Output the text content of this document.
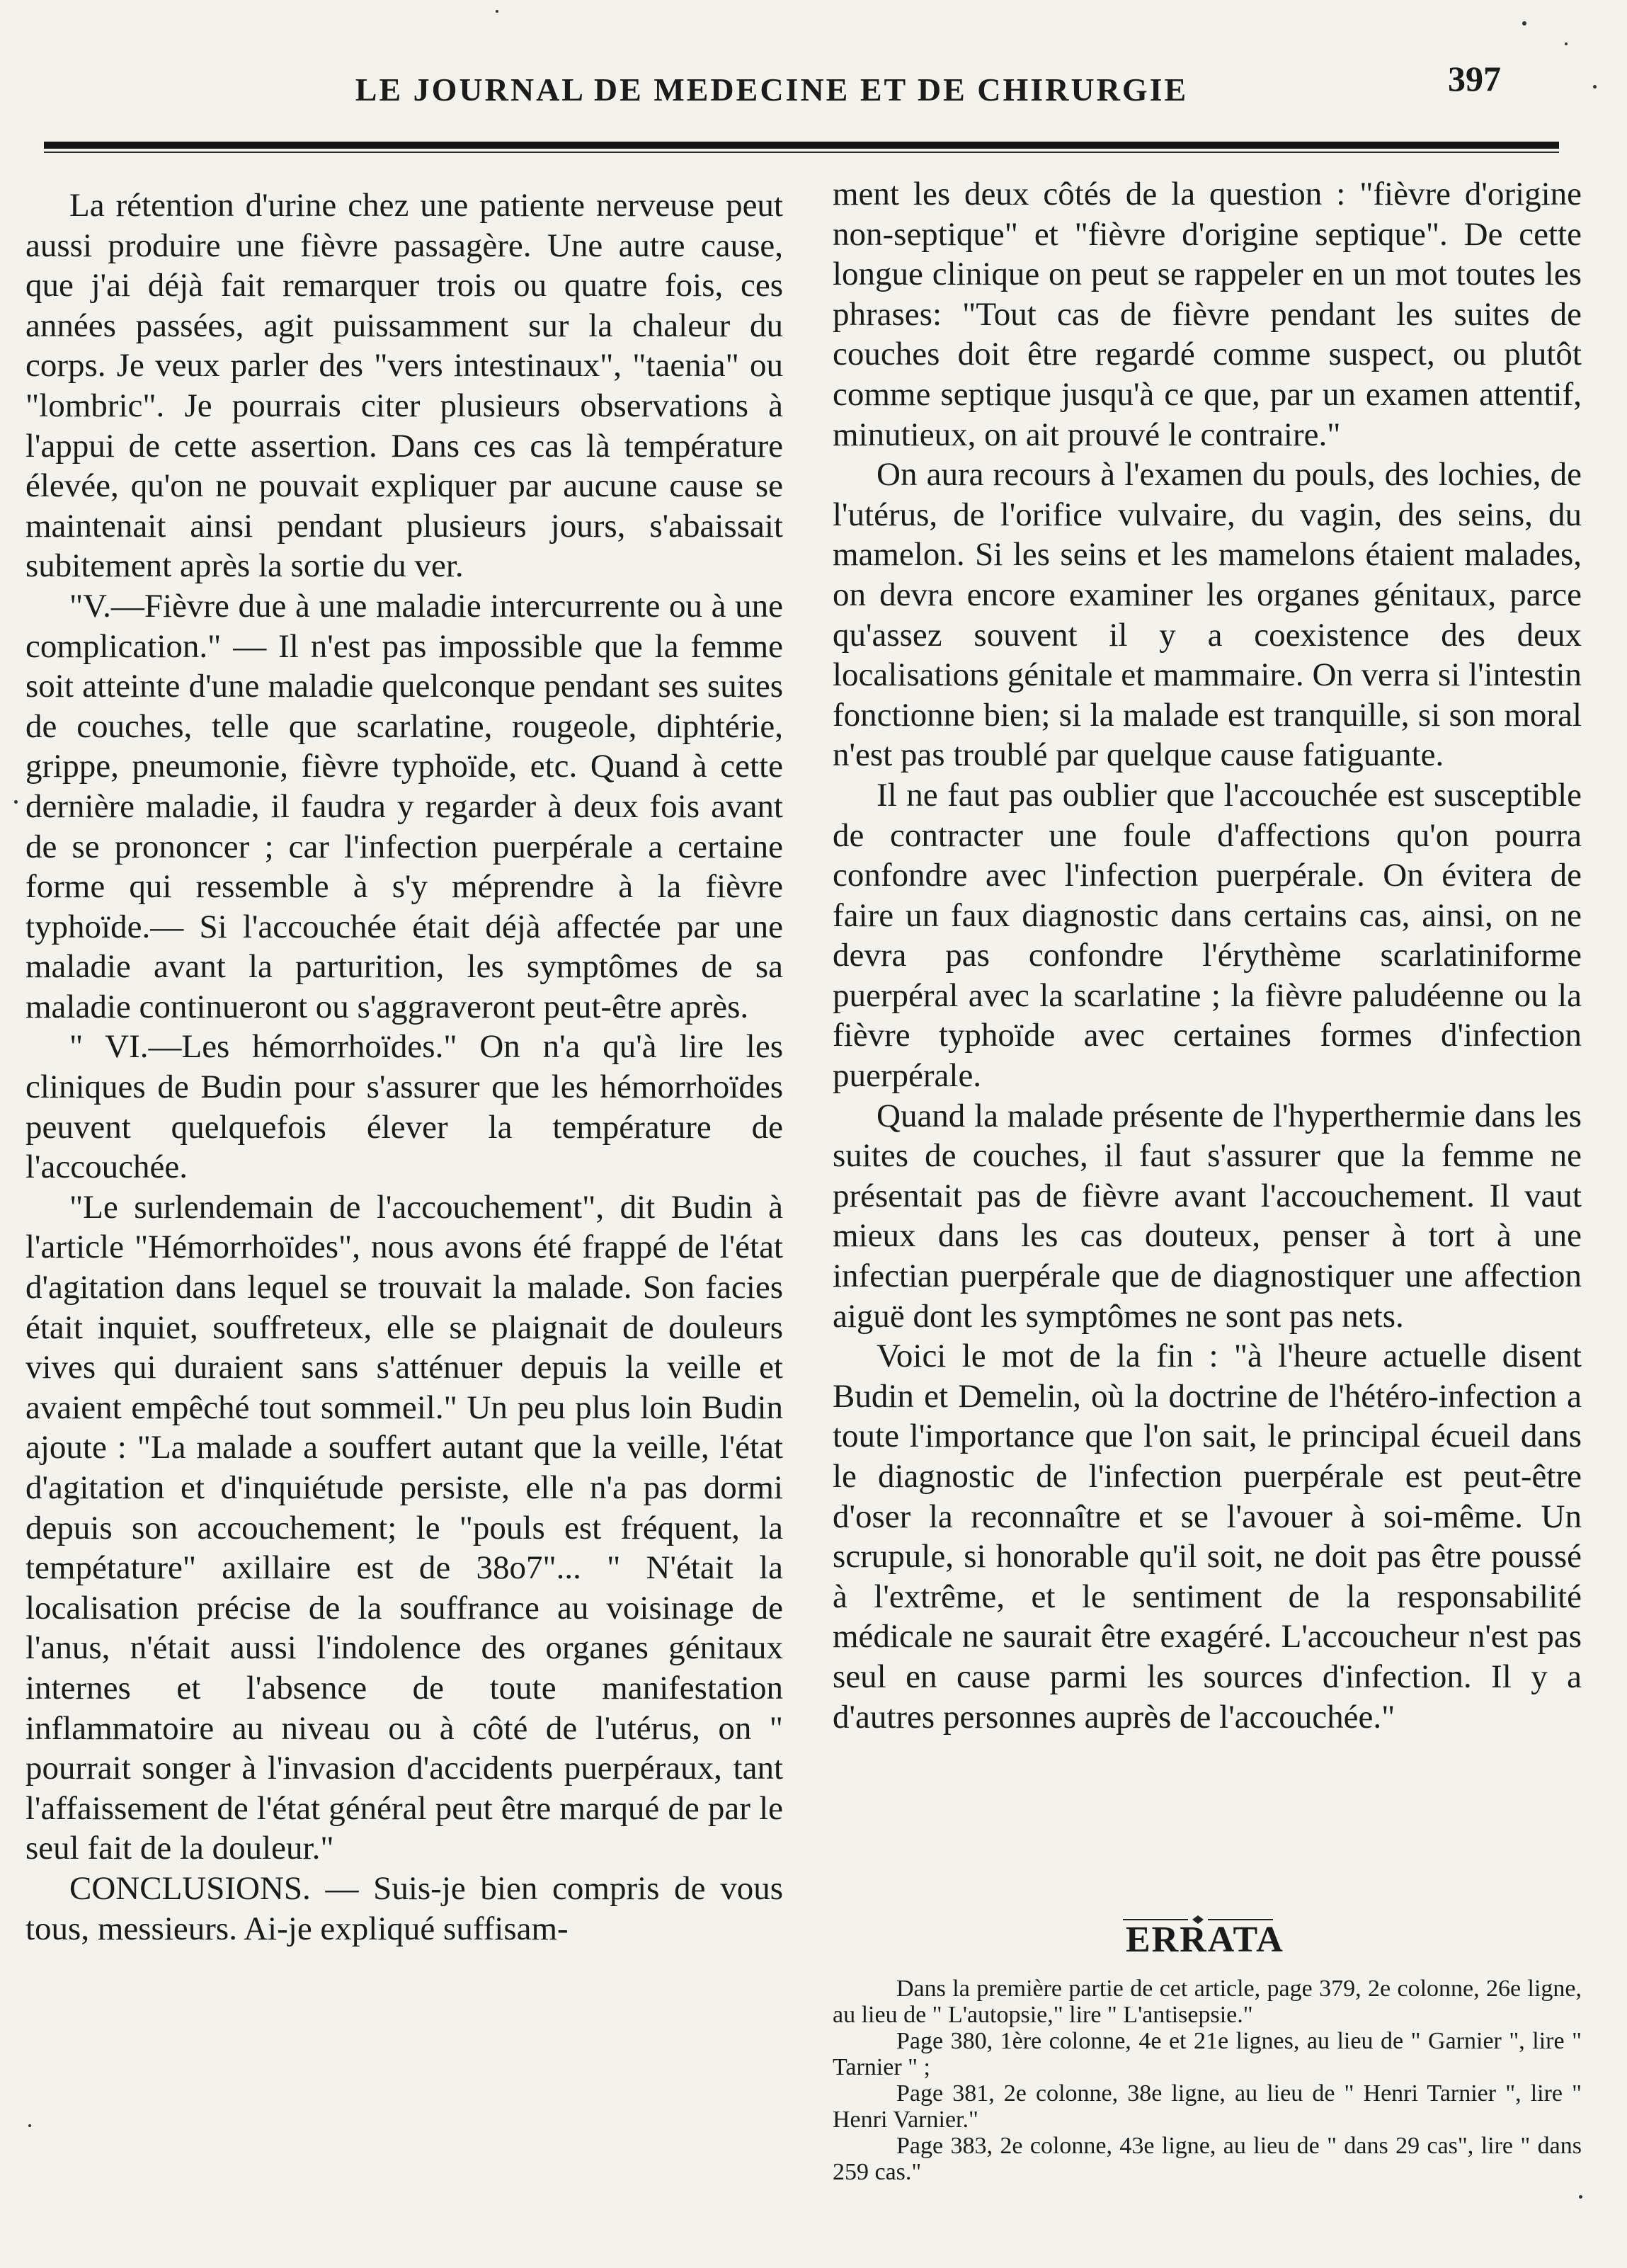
LE JOURNAL DE MEDECINE ET DE CHIRURGIE	397

La rétention d'urine chez une patiente nerveuse peut aussi produire une fièvre passagère. Une autre cause, que j'ai déjà fait remarquer trois ou quatre fois, ces années passées, agit puissamment sur la chaleur du corps. Je veux parler des "vers intestinaux", "taenia" ou "lombric". Je pourrais citer plusieurs observations à l'appui de cette assertion. Dans ces cas là température élevée, qu'on ne pouvait expliquer par aucune cause se maintenait ainsi pendant plusieurs jours, s'abaissait subitement après la sortie du ver.

"V.—Fièvre due à une maladie intercurrente ou à une complication." — Il n'est pas impossible que la femme soit atteinte d'une maladie quelconque pendant ses suites de couches, telle que scarlatine, rougeole, diphtérie, grippe, pneumonie, fièvre typhoïde, etc. Quand à cette dernière maladie, il faudra y regarder à deux fois avant de se prononcer ; car l'infection puerpérale a certaine forme qui ressemble à s'y méprendre à la fièvre typhoïde.— Si l'accouchée était déjà affectée par une maladie avant la parturition, les symptômes de sa maladie continueront ou s'aggraveront peut-être après.

" VI.—Les hémorrhoïdes." On n'a qu'à lire les cliniques de Budin pour s'assurer que les hémorrhoïdes peuvent quelquefois élever la température de l'accouchée.

"Le surlendemain de l'accouchement", dit Budin à l'article "Hémorrhoïdes", nous avons été frappé de l'état d'agitation dans lequel se trouvait la malade. Son facies était inquiet, souffreteux, elle se plaignait de douleurs vives qui duraient sans s'atténuer depuis la veille et avaient empêché tout sommeil." Un peu plus loin Budin ajoute : "La malade a souffert autant que la veille, l'état d'agitation et d'inquiétude persiste, elle n'a pas dormi depuis son accouchement; le "pouls est fréquent, la tempétature" axillaire est de 38o7"... " N'était la localisation précise de la souffrance au voisinage de l'anus, n'était aussi l'indolence des organes génitaux internes et l'absence de toute manifestation inflammatoire au niveau ou à côté de l'utérus, on " pourrait songer à l'invasion d'accidents puerpéraux, tant l'affaissement de l'état général peut être marqué de par le seul fait de la douleur."

CONCLUSIONS. — Suis-je bien compris de vous tous, messieurs. Ai-je expliqué suffisam-

ment les deux côtés de la question : "fièvre d'origine non-septique" et "fièvre d'origine septique". De cette longue clinique on peut se rappeler en un mot toutes les phrases: "Tout cas de fièvre pendant les suites de couches doit être regardé comme suspect, ou plutôt comme septique jusqu'à ce que, par un examen attentif, minutieux, on ait prouvé le contraire."

On aura recours à l'examen du pouls, des lochies, de l'utérus, de l'orifice vulvaire, du vagin, des seins, du mamelon. Si les seins et les mamelons étaient malades, on devra encore examiner les organes génitaux, parce qu'assez souvent il y a coexistence des deux localisations génitale et mammaire. On verra si l'intestin fonctionne bien; si la malade est tranquille, si son moral n'est pas troublé par quelque cause fatiguante.

Il ne faut pas oublier que l'accouchée est susceptible de contracter une foule d'affections qu'on pourra confondre avec l'infection puerpérale. On évitera de faire un faux diagnostic dans certains cas, ainsi, on ne devra pas confondre l'érythème scarlatiniforme puerpéral avec la scarlatine ; la fièvre paludéenne ou la fièvre typhoïde avec certaines formes d'infection puerpérale.

Quand la malade présente de l'hyperthermie dans les suites de couches, il faut s'assurer que la femme ne présentait pas de fièvre avant l'accouchement. Il vaut mieux dans les cas douteux, penser à tort à une infectian puerpérale que de diagnostiquer une affection aiguë dont les symptômes ne sont pas nets.

Voici le mot de la fin : "à l'heure actuelle disent Budin et Demelin, où la doctrine de l'hétéro-infection a toute l'importance que l'on sait, le principal écueil dans le diagnostic de l'infection puerpérale est peut-être d'oser la reconnaître et se l'avouer à soi-même. Un scrupule, si honorable qu'il soit, ne doit pas être poussé à l'extrême, et le sentiment de la responsabilité médicale ne saurait être exagéré. L'accoucheur n'est pas seul en cause parmi les sources d'infection. Il y a d'autres personnes auprès de l'accouchée."

ERRATA

Dans la première partie de cet article, page 379, 2e colonne, 26e ligne, au lieu de " L'autopsie," lire " L'antisepsie."

Page 380, 1ère colonne, 4e et 21e lignes, au lieu de " Garnier ", lire " Tarnier " ;

Page 381, 2e colonne, 38e ligne, au lieu de " Henri Tarnier ", lire " Henri Varnier."

Page 383, 2e colonne, 43e ligne, au lieu de " dans 29 cas", lire " dans 259 cas."
